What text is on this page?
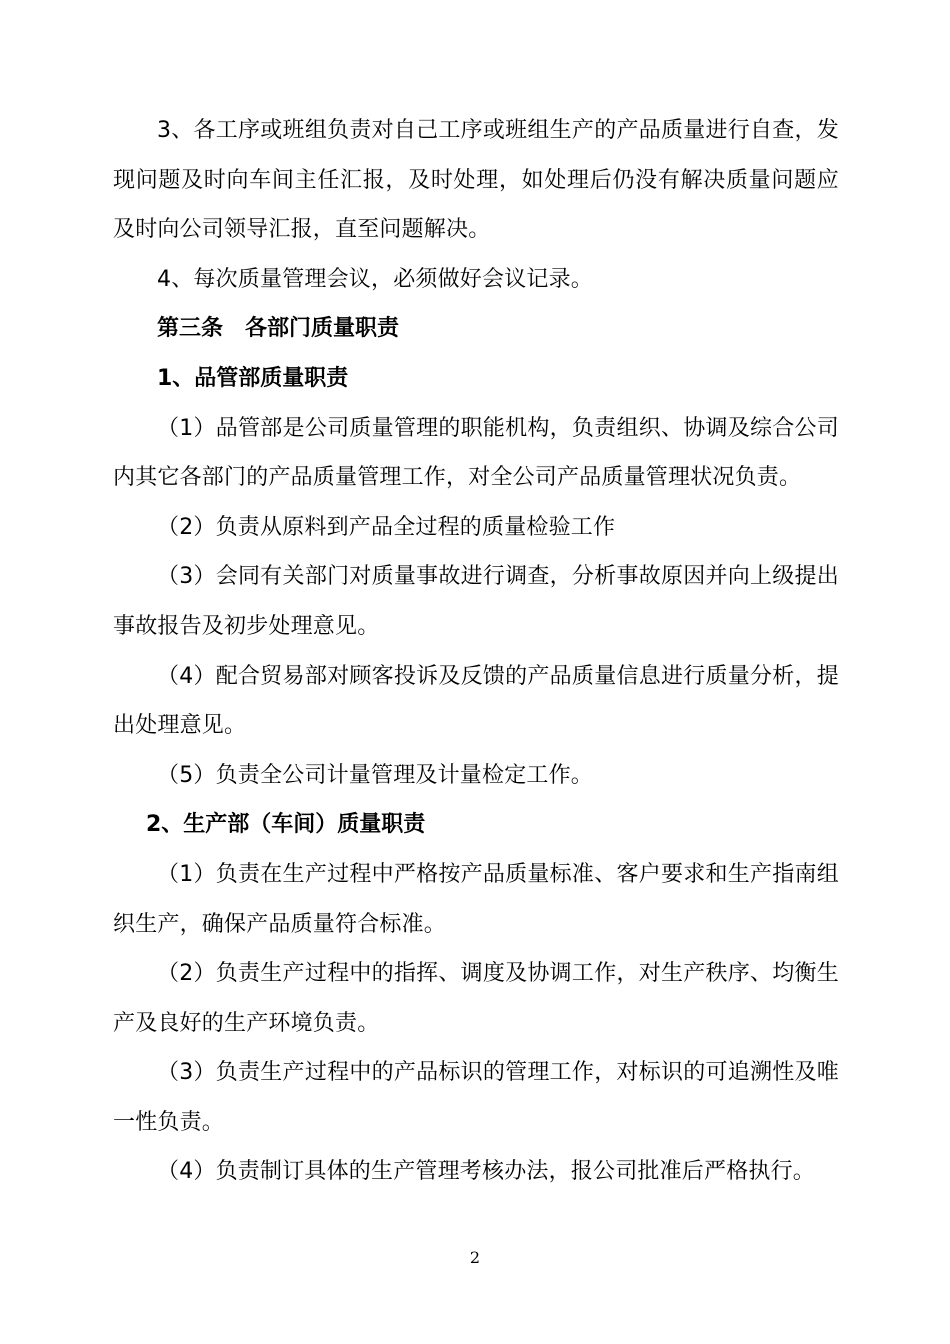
3、各工序或班组负责对自己工序或班组生产的产品质量进行自查，发现问题及时向车间主任汇报，及时处理，如处理后仍没有解决质量问题应及时向公司领导汇报，直至问题解决。

4、每次质量管理会议，必须做好会议记录。

第三条 各部门质量职责

1、品管部质量职责

（1）品管部是公司质量管理的职能机构，负责组织、协调及综合公司内其它各部门的产品质量管理工作，对全公司产品质量管理状况负责。

（2）负责从原料到产品全过程的质量检验工作

（3）会同有关部门对质量事故进行调查，分析事故原因并向上级提出事故报告及初步处理意见。

（4）配合贸易部对顾客投诉及反馈的产品质量信息进行质量分析，提出处理意见。

（5）负责全公司计量管理及计量检定工作。

2、生产部（车间）质量职责

（1）负责在生产过程中严格按产品质量标准、客户要求和生产指南组织生产，确保产品质量符合标准。

（2）负责生产过程中的指挥、调度及协调工作，对生产秩序、均衡生产及良好的生产环境负责。

（3）负责生产过程中的产品标识的管理工作，对标识的可追溯性及唯一性负责。

（4）负责制订具体的生产管理考核办法，报公司批准后严格执行。

2
